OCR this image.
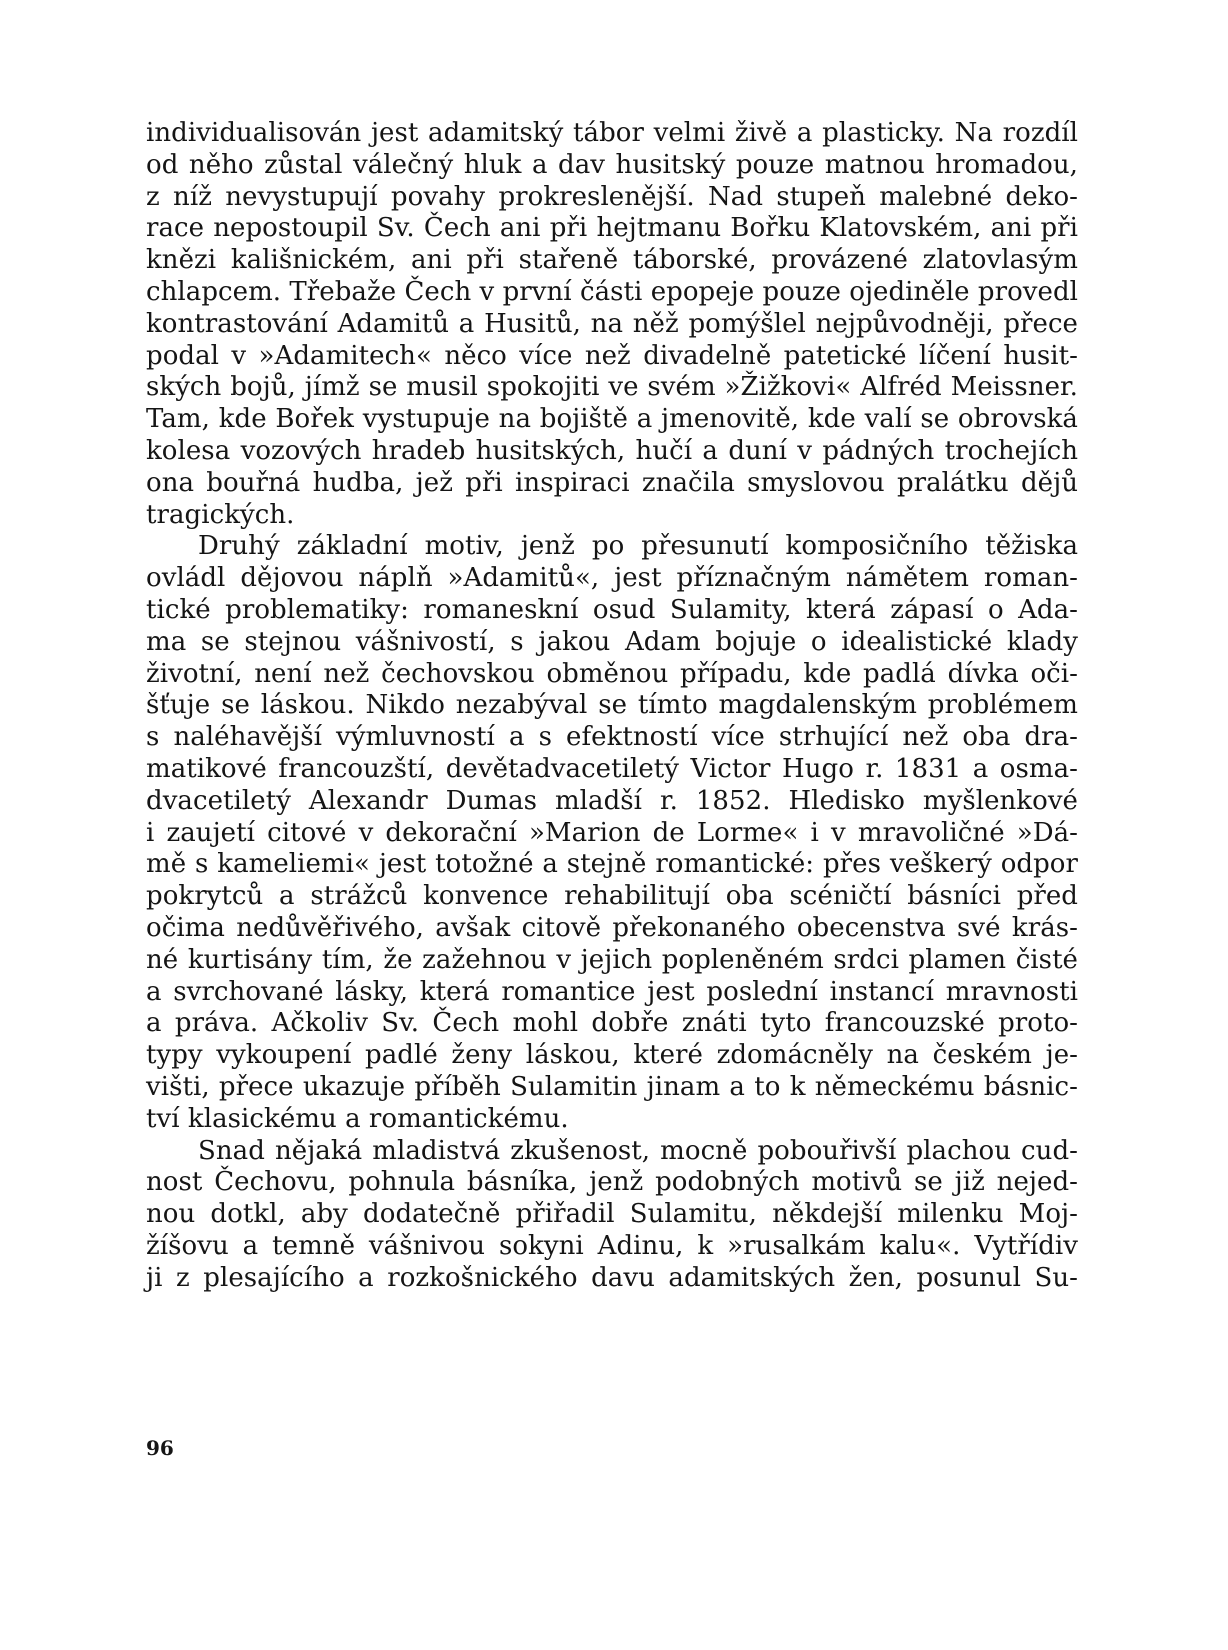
individualisován jest adamitský tábor velmi živě a plasticky. Na rozdíl
od něho zůstal válečný hluk a dav husitský pouze matnou hromadou,
z níž nevystupují povahy prokreslenější. Nad stupeň malebné deko-
race nepostoupil Sv. Čech ani při hejtmanu Bořku Klatovském, ani při
knězi kališnickém, ani při stařeně táborské, provázené zlatovlasým
chlapcem. Třebaže Čech v první části epopeje pouze ojediněle provedl
kontrastování Adamitů a Husitů, na něž pomýšlel nejpůvodněji, přece
podal v »Adamitech« něco více než divadelně patetické líčení husit-
ských bojů, jímž se musil spokojiti ve svém »Žižkovi« Alfréd Meissner.
Tam, kde Bořek vystupuje na bojiště a jmenovitě, kde valí se obrovská
kolesa vozových hradeb husitských, hučí a duní v pádných trochejích
ona bouřná hudba, jež při inspiraci značila smyslovou pralátku dějů
tragických.
Druhý základní motiv, jenž po přesunutí komposičního těžiska
ovládl dějovou náplň »Adamitů«, jest příznačným námětem roman-
tické problematiky: romaneskní osud Sulamity, která zápasí o Ada-
ma se stejnou vášnivostí, s jakou Adam bojuje o idealistické klady
životní, není než čechovskou obměnou případu, kde padlá dívka oči-
šťuje se láskou. Nikdo nezabýval se tímto magdalenským problémem
s naléhavější výmluvností a s efektností více strhující než oba dra-
matikové francouzští, devětadvacetiletý Victor Hugo r. 1831 a osma-
dvacetiletý Alexandr Dumas mladší r. 1852. Hledisko myšlenkové
i zaujetí citové v dekorační »Marion de Lorme« i v mravoličné »Dá-
mě s kameliemi« jest totožné a stejně romantické: přes veškerý odpor
pokrytců a strážců konvence rehabilitují oba scéničtí básníci před
očima nedůvěřivého, avšak citově překonaného obecenstva své krás-
né kurtisány tím, že zažehnou v jejich popleněném srdci plamen čisté
a svrchované lásky, která romantice jest poslední instancí mravnosti
a práva. Ačkoliv Sv. Čech mohl dobře znáti tyto francouzské proto-
typy vykoupení padlé ženy láskou, které zdomácněly na českém je-
višti, přece ukazuje příběh Sulamitin jinam a to k německému básnic-
tví klasickému a romantickému.
Snad nějaká mladistvá zkušenost, mocně pobouřivší plachou cud-
nost Čechovu, pohnula básníka, jenž podobných motivů se již nejed-
nou dotkl, aby dodatečně přiřadil Sulamitu, někdejší milenku Moj-
žíšovu a temně vášnivou sokyni Adinu, k »rusalkám kalu«. Vytřídiv
ji z plesajícího a rozkošnického davu adamitských žen, posunul Su-
96
